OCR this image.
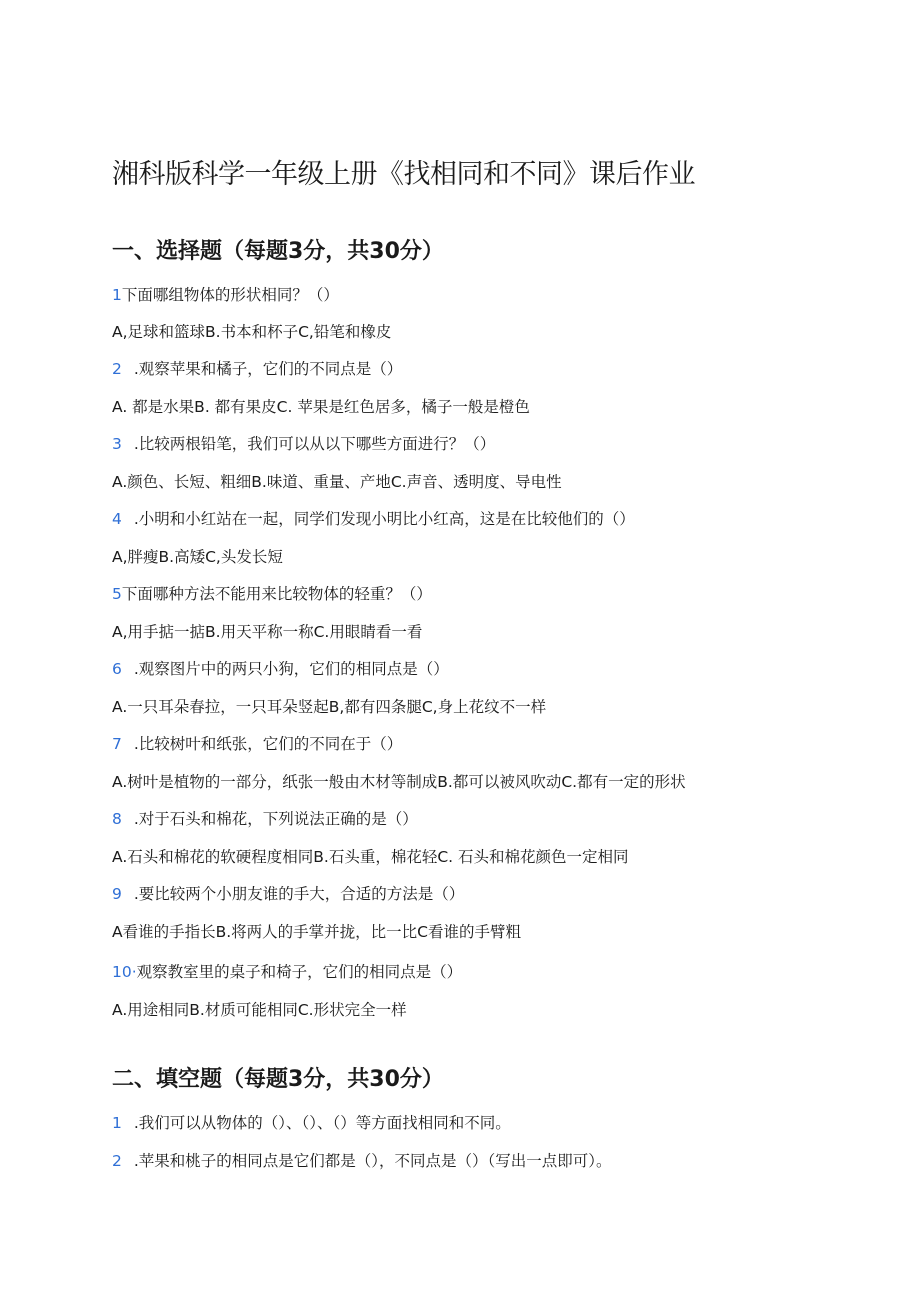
湘科版科学一年级上册《找相同和不同》课后作业
一、选择题（每题3分，共30分）
1下面哪组物体的形状相同？（）
A,足球和篮球B.书本和杯子C,铅笔和橡皮
2 .观察苹果和橘子，它们的不同点是（）
A. 都是水果B. 都有果皮C. 苹果是红色居多，橘子一般是橙色
3 .比较两根铅笔，我们可以从以下哪些方面进行？（）
A.颜色、长短、粗细B.味道、重量、产地C.声音、透明度、导电性
4 .小明和小红站在一起，同学们发现小明比小红高，这是在比较他们的（）
A,胖瘦B.高矮C,头发长短
5下面哪种方法不能用来比较物体的轻重？（）
A,用手掂一掂B.用天平称一称C.用眼睛看一看
6 .观察图片中的两只小狗，它们的相同点是（）
A.一只耳朵春拉，一只耳朵竖起B,都有四条腿C,身上花纹不一样
7 .比较树叶和纸张，它们的不同在于（）
A.树叶是植物的一部分，纸张一般由木材等制成B.都可以被风吹动C.都有一定的形状
8 .对于石头和棉花，下列说法正确的是（）
A.石头和棉花的软硬程度相同B.石头重，棉花轻C. 石头和棉花颜色一定相同
9 .要比较两个小朋友谁的手大，合适的方法是（）
A看谁的手指长B.将两人的手掌并拢，比一比C看谁的手臂粗
10·观察教室里的桌子和椅子，它们的相同点是（）
A.用途相同B.材质可能相同C.形状完全一样
二、填空题（每题3分，共30分）
1 .我们可以从物体的（）、（）、（）等方面找相同和不同。
2 .苹果和桃子的相同点是它们都是（），不同点是（）（写出一点即可）。
